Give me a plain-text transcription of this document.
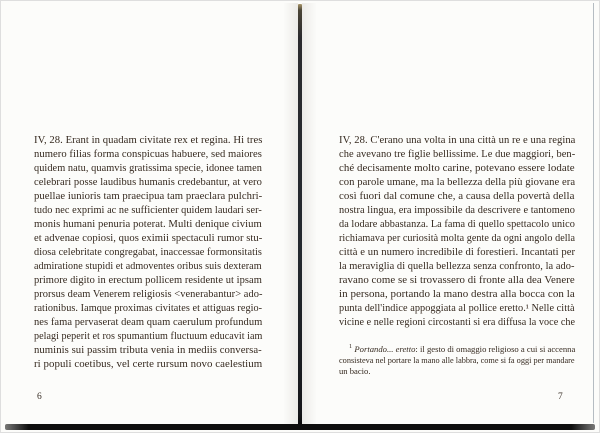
IV, 28. Erant in quadam civitate rex et regina. Hi tres
numero filias forma conspicuas habuere, sed maiores
quidem natu, quamvis gratissima specie, idonee tamen
celebrari posse laudibus humanis credebantur, at vero
puellae iunioris tam praecipua tam praeclara pulchri-
tudo nec exprimi ac ne sufficienter quidem laudari ser-
monis humani penuria poterat. Multi denique civium
et advenae copiosi, quos eximii spectaculi rumor stu-
diosa celebritate congregabat, inaccessae formonsitatis
admiratione stupidi et admoventes oribus suis dexteram
primore digito in erectum pollicem residente ut ipsam
prorsus deam Venerem religiosis <venerabantur> ado-
rationibus. Iamque proximas civitates et attiguas regio-
nes fama pervaserat deam quam caerulum profundum
pelagi peperit et ros spumantium fluctuum educavit iam
numinis sui passim tributa venia in mediis conversa-
ri populi coetibus, vel certe rursum novo caelestium
6
IV, 28. C'erano una volta in una città un re e una regina
che avevano tre figlie bellissime. Le due maggiori, ben-
ché decisamente molto carine, potevano essere lodate
con parole umane, ma la bellezza della più giovane era
così fuori dal comune che, a causa della povertà della
nostra lingua, era impossibile da descrivere e tantomeno
da lodare abbastanza. La fama di quello spettacolo unico
richiamava per curiosità molta gente da ogni angolo della
città e un numero incredibile di forestieri. Incantati per
la meraviglia di quella bellezza senza confronto, la ado-
ravano come se si trovassero di fronte alla dea Venere
in persona, portando la mano destra alla bocca con la
punta dell'indice appoggiata al pollice eretto.¹ Nelle città
vicine e nelle regioni circostanti si era diffusa la voce che
$^1$ Portando... eretto: il gesto di omaggio religioso a cui si accenna
consisteva nel portare la mano alle labbra, come si fa oggi per mandare
un bacio.
7
